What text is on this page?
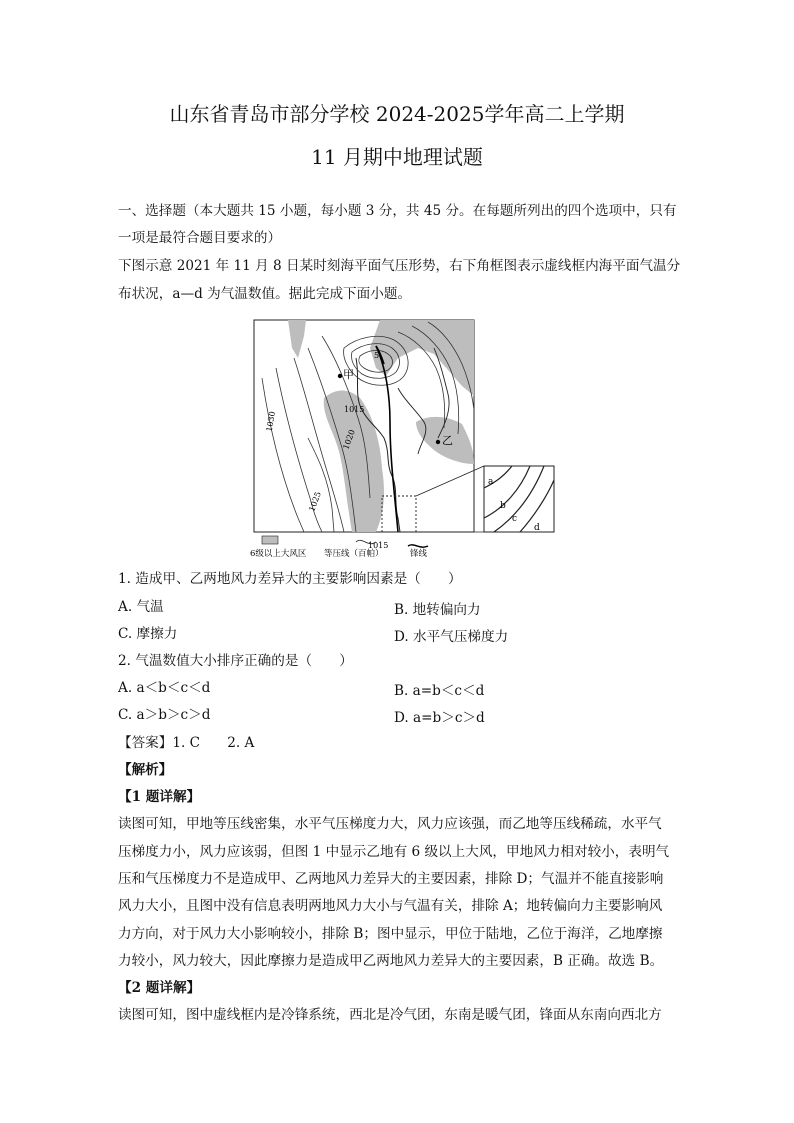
山东省青岛市部分学校 2024-2025学年高二上学期
11 月期中地理试题
一、选择题（本大题共 15 小题，每小题 3 分，共 45 分。在每题所列出的四个选项中，只有
一项是最符合题目要求的）
下图示意 2021 年 11 月 8 日某时刻海平面气压形势，右下角框图表示虚线框内海平面气温分
布状况，a—d 为气温数值。据此完成下面小题。
1030
1025
1020
1015
1015
5
甲
乙
a
b
c
d
6级以上大风区 等压线（百帕）	锋线
1. 造成甲、乙两地风力差异大的主要影响因素是（　　）
A. 气温	B. 地转偏向力
C. 摩擦力	D. 水平气压梯度力
2. 气温数值大小排序正确的是（　　）
A. a＜b＜c＜d	B. a=b＜c＜d
C. a＞b＞c＞d	D. a=b＞c＞d
【答案】1. C　　2. A
【解析】
【1 题详解】
读图可知，甲地等压线密集，水平气压梯度力大，风力应该强，而乙地等压线稀疏，水平气
压梯度力小，风力应该弱，但图 1 中显示乙地有 6 级以上大风，甲地风力相对较小，表明气
压和气压梯度力不是造成甲、乙两地风力差异大的主要因素，排除 D；气温并不能直接影响
风力大小，且图中没有信息表明两地风力大小与气温有关，排除 A；地转偏向力主要影响风
力方向，对于风力大小影响较小，排除 B；图中显示，甲位于陆地，乙位于海洋，乙地摩擦
力较小，风力较大，因此摩擦力是造成甲乙两地风力差异大的主要因素，B 正确。故选 B。
【2 题详解】
读图可知，图中虚线框内是冷锋系统，西北是冷气团，东南是暖气团，锋面从东南向西北方
